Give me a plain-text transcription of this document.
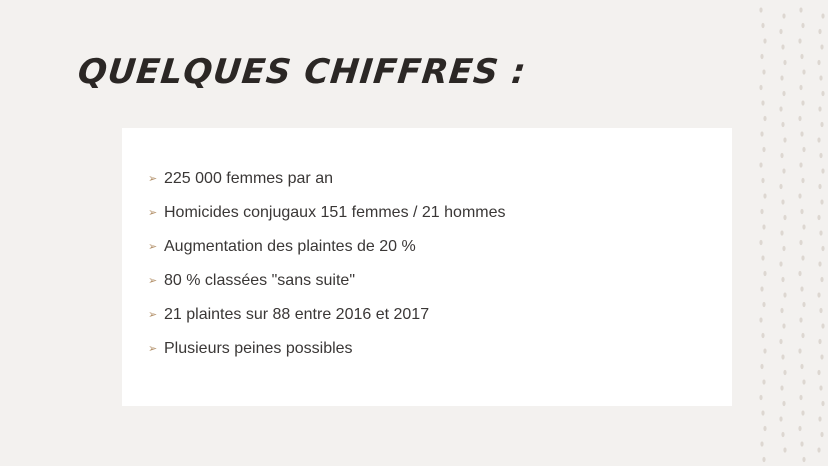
QUELQUES CHIFFRES :
➢ 225 000 femmes par an
➢ Homicides conjugaux 151 femmes / 21 hommes
➢ Augmentation des plaintes de 20 %
➢ 80 % classées "sans suite"
➢ 21 plaintes sur 88 entre 2016 et 2017
➢ Plusieurs peines possibles
